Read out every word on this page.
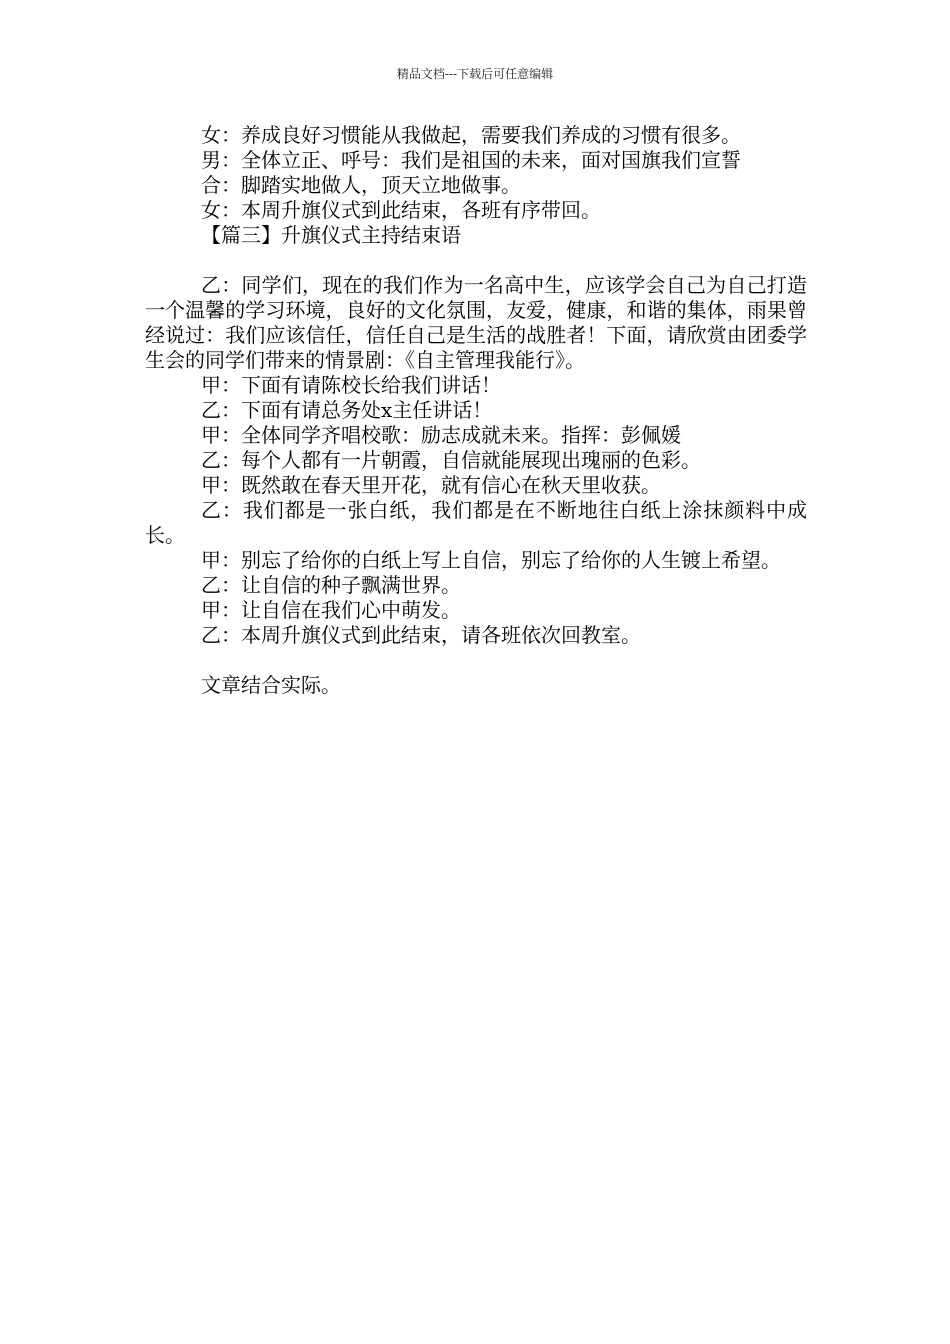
精品文档---下载后可任意编辑

女：养成良好习惯能从我做起，需要我们养成的习惯有很多。

男：全体立正、呼号：我们是祖国的未来，面对国旗我们宣誓

合：脚踏实地做人，顶天立地做事。

女：本周升旗仪式到此结束，各班有序带回。

【篇三】升旗仪式主持结束语

乙：同学们，现在的我们作为一名高中生，应该学会自己为自己打造一个温馨的学习环境，良好的文化氛围，友爱，健康，和谐的集体，雨果曾经说过：我们应该信任，信任自己是生活的战胜者！下面，请欣赏由团委学生会的同学们带来的情景剧：《自主管理我能行》。

甲：下面有请陈校长给我们讲话！

乙：下面有请总务处x主任讲话！

甲：全体同学齐唱校歌：励志成就未来。指挥：彭佩媛

乙：每个人都有一片朝霞，自信就能展现出瑰丽的色彩。

甲：既然敢在春天里开花，就有信心在秋天里收获。

乙：我们都是一张白纸，我们都是在不断地往白纸上涂抹颜料中成长。

甲：别忘了给你的白纸上写上自信，别忘了给你的人生镀上希望。

乙：让自信的种子飘满世界。

甲：让自信在我们心中萌发。

乙：本周升旗仪式到此结束，请各班依次回教室。

文章结合实际。
